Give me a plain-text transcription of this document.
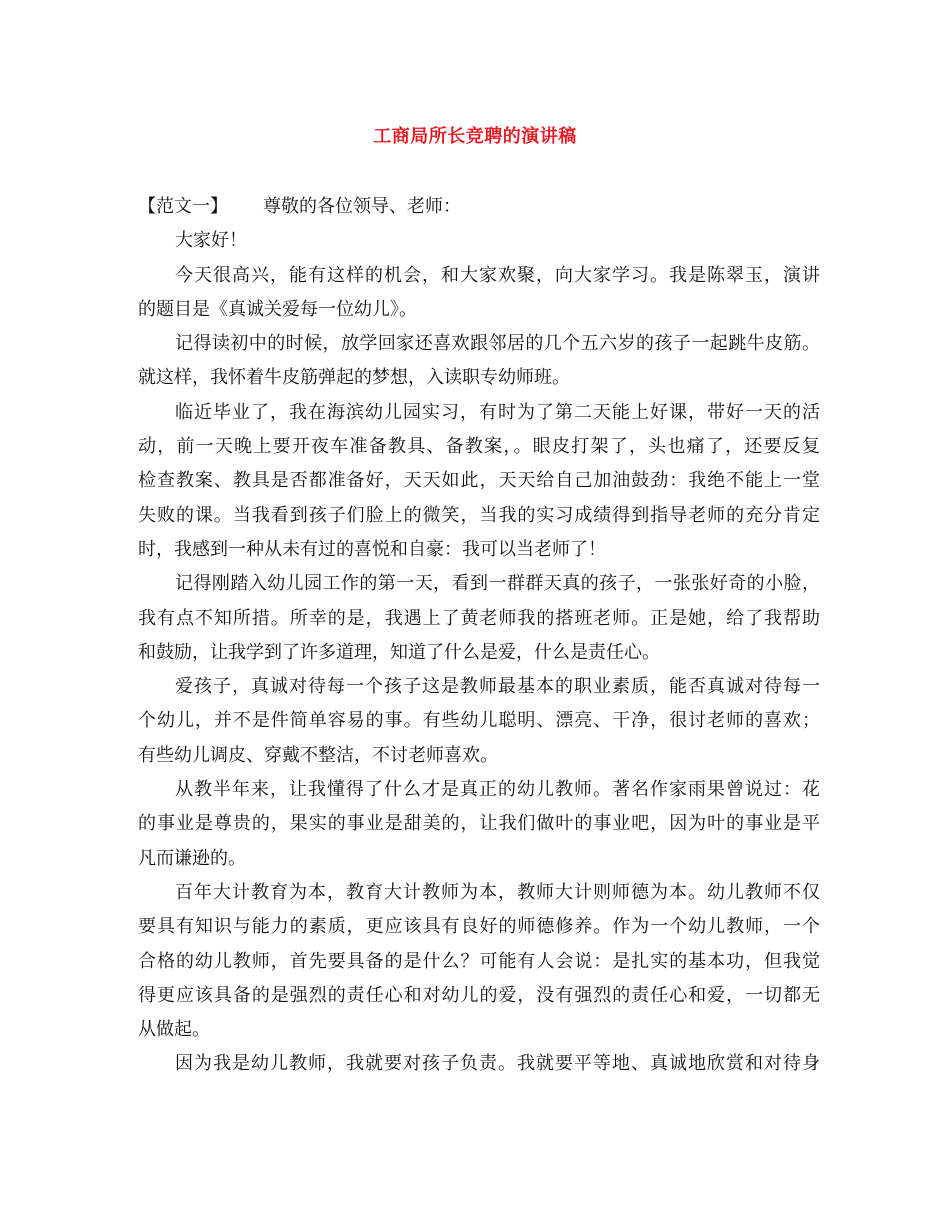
工商局所长竞聘的演讲稿
【范文一】 尊敬的各位领导、老师：
大家好！
今天很高兴，能有这样的机会，和大家欢聚，向大家学习。我是陈翠玉，演讲
的题目是《真诚关爱每一位幼儿》。
记得读初中的时候，放学回家还喜欢跟邻居的几个五六岁的孩子一起跳牛皮筋。
就这样，我怀着牛皮筋弹起的梦想，入读职专幼师班。
临近毕业了，我在海滨幼儿园实习，有时为了第二天能上好课，带好一天的活
动，前一天晚上要开夜车准备教具、备教案，。眼皮打架了，头也痛了，还要反复
检查教案、教具是否都准备好，天天如此，天天给自己加油鼓劲：我绝不能上一堂
失败的课。当我看到孩子们脸上的微笑，当我的实习成绩得到指导老师的充分肯定
时，我感到一种从未有过的喜悦和自豪：我可以当老师了！
记得刚踏入幼儿园工作的第一天，看到一群群天真的孩子，一张张好奇的小脸，
我有点不知所措。所幸的是，我遇上了黄老师我的搭班老师。正是她，给了我帮助
和鼓励，让我学到了许多道理，知道了什么是爱，什么是责任心。
爱孩子，真诚对待每一个孩子这是教师最基本的职业素质，能否真诚对待每一
个幼儿，并不是件简单容易的事。有些幼儿聪明、漂亮、干净，很讨老师的喜欢；
有些幼儿调皮、穿戴不整洁，不讨老师喜欢。
从教半年来，让我懂得了什么才是真正的幼儿教师。著名作家雨果曾说过：花
的事业是尊贵的，果实的事业是甜美的，让我们做叶的事业吧，因为叶的事业是平
凡而谦逊的。
百年大计教育为本，教育大计教师为本，教师大计则师德为本。幼儿教师不仅
要具有知识与能力的素质，更应该具有良好的师德修养。作为一个幼儿教师，一个
合格的幼儿教师，首先要具备的是什么？可能有人会说：是扎实的基本功，但我觉
得更应该具备的是强烈的责任心和对幼儿的爱，没有强烈的责任心和爱，一切都无
从做起。
因为我是幼儿教师，我就要对孩子负责。我就要平等地、真诚地欣赏和对待身
